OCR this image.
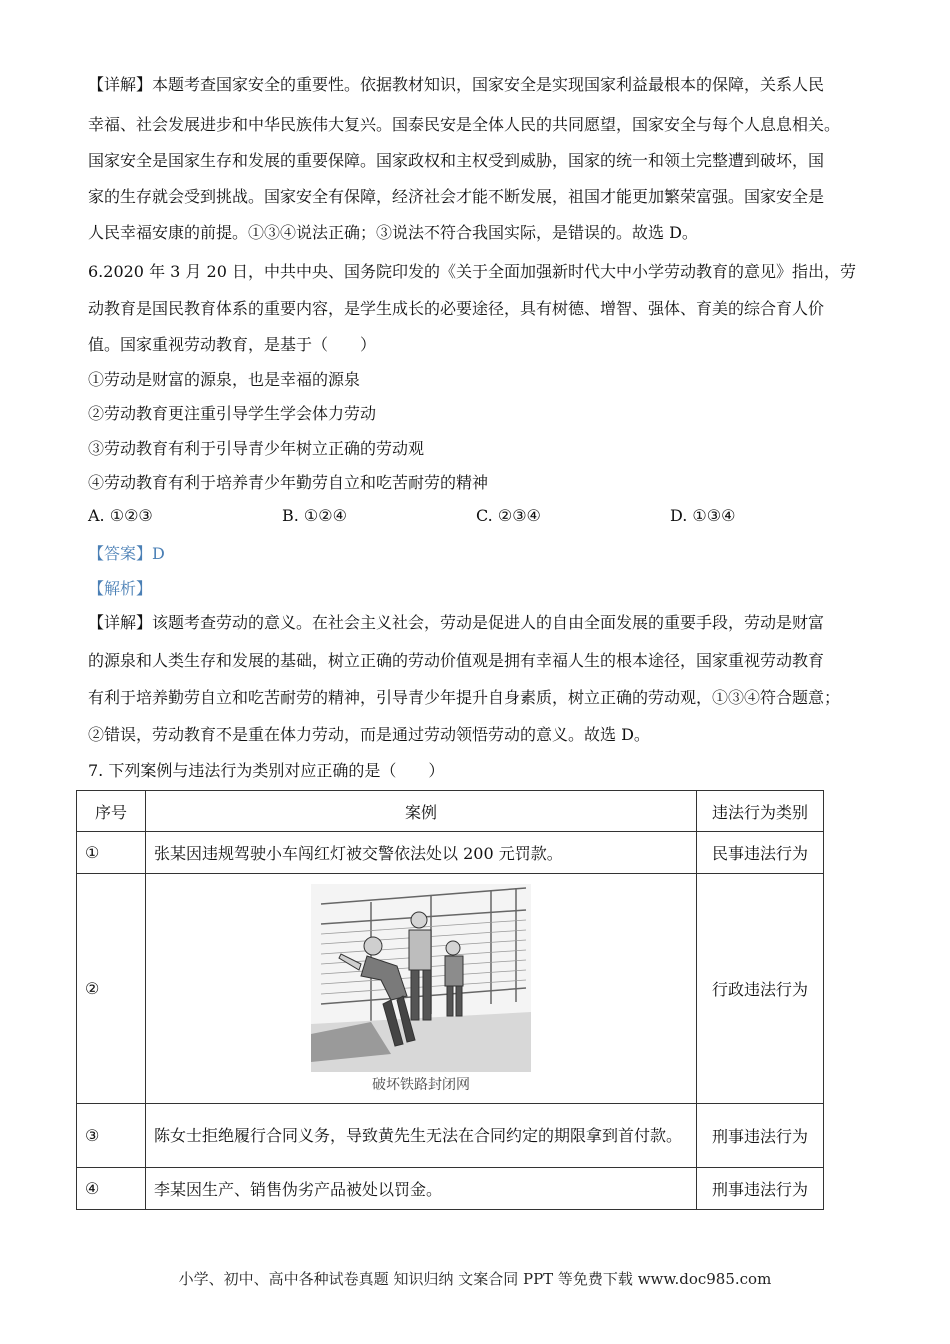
【详解】本题考查国家安全的重要性。依据教材知识，国家安全是实现国家利益最根本的保障，关系人民
幸福、社会发展进步和中华民族伟大复兴。国泰民安是全体人民的共同愿望，国家安全与每个人息息相关。
国家安全是国家生存和发展的重要保障。国家政权和主权受到威胁，国家的统一和领土完整遭到破坏，国
家的生存就会受到挑战。国家安全有保障，经济社会才能不断发展，祖国才能更加繁荣富强。国家安全是
人民幸福安康的前提。①③④说法正确；③说法不符合我国实际，是错误的。故选 D。
6.2020 年 3 月 20 日，中共中央、国务院印发的《关于全面加强新时代大中小学劳动教育的意见》指出，劳
动教育是国民教育体系的重要内容，是学生成长的必要途径，具有树德、增智、强体、育美的综合育人价
值。国家重视劳动教育，是基于（　　）
①劳动是财富的源泉，也是幸福的源泉
②劳动教育更注重引导学生学会体力劳动
③劳动教育有利于引导青少年树立正确的劳动观
④劳动教育有利于培养青少年勤劳自立和吃苦耐劳的精神
A. ①②③	B. ①②④	C. ②③④	D. ①③④
【答案】D
【解析】
【详解】该题考查劳动的意义。在社会主义社会，劳动是促进人的自由全面发展的重要手段，劳动是财富
的源泉和人类生存和发展的基础，树立正确的劳动价值观是拥有幸福人生的根本途径，国家重视劳动教育
有利于培养勤劳自立和吃苦耐劳的精神，引导青少年提升自身素质，树立正确的劳动观，①③④符合题意；
②错误，劳动教育不是重在体力劳动，而是通过劳动领悟劳动的意义。故选 D。
7. 下列案例与违法行为类别对应正确的是（　　）
序号	案例	违法行为类别
①	张某因违规驾驶小车闯红灯被交警依法处以 200 元罚款。	民事违法行为
②	破坏铁路封闭网	行政违法行为
③	陈女士拒绝履行合同义务，导致黄先生无法在合同约定的期限拿到首付款。	刑事违法行为
④	李某因生产、销售伪劣产品被处以罚金。	刑事违法行为
小学、初中、高中各种试卷真题 知识归纳 文案合同 PPT 等免费下载 www.doc985.com
